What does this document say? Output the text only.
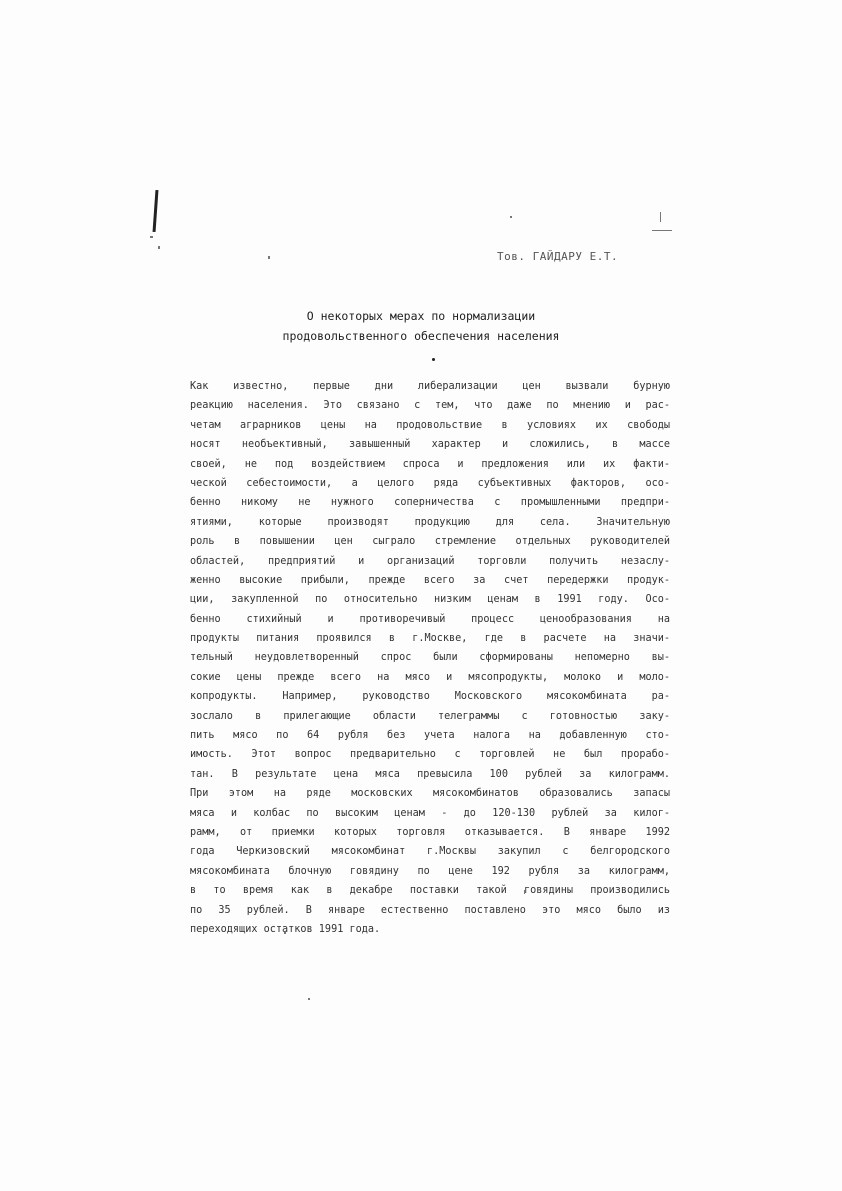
Тов. ГАЙДАРУ Е.Т.
О некоторых мерах по нормализации
продовольственного обеспечения населения
Как известно, первые дни либерализации цен вызвали бурную
реакцию населения. Это связано с тем, что даже по мнению и рас-
четам аграрников цены на продовольствие в условиях их свободы
носят необъективный, завышенный характер и сложились, в массе
своей, не под воздействием спроса и предложения или их факти-
ческой себестоимости, а целого ряда субъективных факторов, осо-
бенно никому не нужного соперничества с промышленными предпри-
ятиями, которые производят продукцию для села. Значительную
роль в повышении цен сыграло стремление отдельных руководителей
областей, предприятий и организаций торговли получить незаслу-
женно высокие прибыли, прежде всего за счет передержки продук-
ции, закупленной по относительно низким ценам в 1991 году. Осо-
бенно стихийный и противоречивый процесс ценообразования на
продукты питания проявился в г.Москве, где в расчете на значи-
тельный неудовлетворенный спрос были сформированы непомерно вы-
сокие цены прежде всего на мясо и мясопродукты, молоко и моло-
копродукты. Например, руководство Московского мясокомбината ра-
зослало в прилегающие области телеграммы с готовностью заку-
пить мясо по 64 рубля без учета налога на добавленную сто-
имость. Этот вопрос предварительно с торговлей не был прорабо-
тан. В результате цена мяса превысила 100 рублей за килограмм.
При этом на ряде московских мясокомбинатов образовались запасы
мяса и колбас по высоким ценам - до 120-130 рублей за килог-
рамм, от приемки которых торговля отказывается. В январе 1992
года Черкизовский мясокомбинат г.Москвы закупил с белгородского
мясокомбината блочную говядину по цене 192 рубля за килограмм,
в то время как в декабре поставки такой говядины производились
по 35 рублей. В январе естественно поставлено это мясо было из
переходящих остатков 1991 года.
